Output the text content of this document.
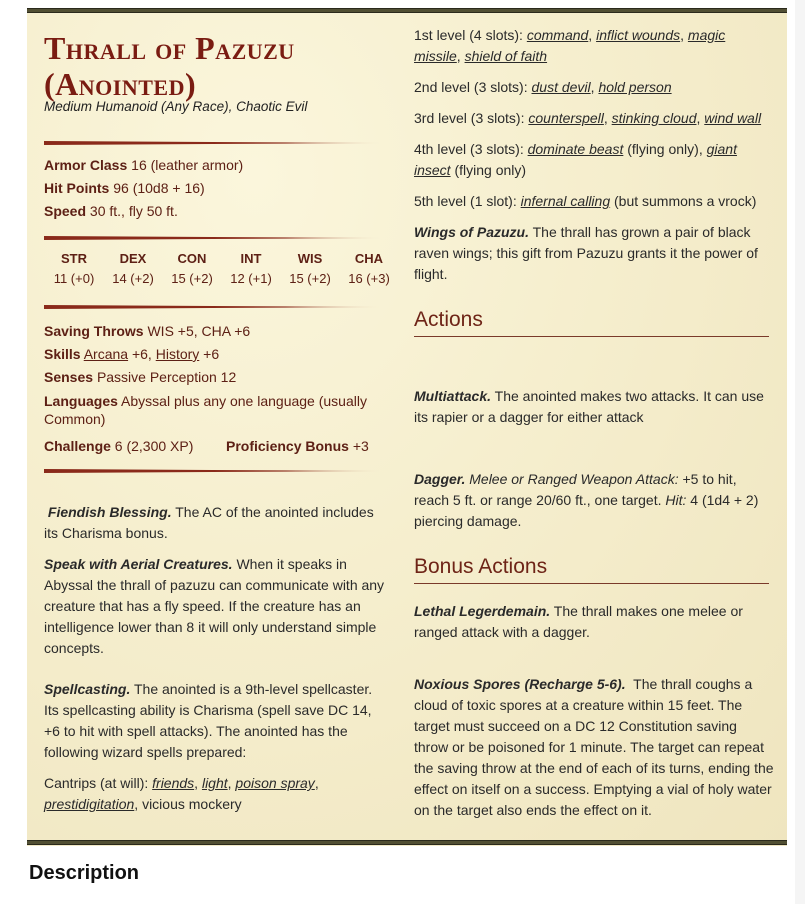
Thrall of Pazuzu
(Anointed)
Medium Humanoid (Any Race), Chaotic Evil
Armor Class 16 (leather armor)
Hit Points 96 (10d8 + 16)
Speed 30 ft., fly 50 ft.
STR
11 (+0)
DEX
14 (+2)
CON
15 (+2)
INT
12 (+1)
WIS
15 (+2)
CHA
16 (+3)
Saving Throws WIS +5, CHA +6
Skills Arcana +6, History +6
Senses Passive Perception 12
Languages Abyssal plus any one language (usually
Common)
Challenge 6 (2,300 XP) Proficiency Bonus +3
Fiendish Blessing. The AC of the anointed includes its Charisma bonus.
Speak with Aerial Creatures. When it speaks in Abyssal the thrall of pazuzu can communicate with any creature that has a fly speed. If the creature has an intelligence lower than 8 it will only understand simple concepts.
Spellcasting. The anointed is a 9th-level spellcaster. Its spellcasting ability is Charisma (spell save DC 14, +6 to hit with spell attacks). The anointed has the following wizard spells prepared:
Cantrips (at will): friends, light, poison spray, prestidigitation, vicious mockery
1st level (4 slots): command, inflict wounds, magic missile, shield of faith
2nd level (3 slots): dust devil, hold person
3rd level (3 slots): counterspell, stinking cloud, wind wall
4th level (3 slots): dominate beast (flying only), giant insect (flying only)
5th level (1 slot): infernal calling (but summons a vrock)
Wings of Pazuzu. The thrall has grown a pair of black raven wings; this gift from Pazuzu grants it the power of flight.
Actions
Multiattack. The anointed makes two attacks. It can use its rapier or a dagger for either attack
Dagger. Melee or Ranged Weapon Attack: +5 to hit, reach 5 ft. or range 20/60 ft., one target. Hit: 4 (1d4 + 2) piercing damage.
Bonus Actions
Lethal Legerdemain. The thrall makes one melee or ranged attack with a dagger.
Noxious Spores (Recharge 5-6). The thrall coughs a cloud of toxic spores at a creature within 15 feet. The target must succeed on a DC 12 Constitution saving throw or be poisoned for 1 minute. The target can repeat the saving throw at the end of each of its turns, ending the effect on itself on a success. Emptying a vial of holy water on the target also ends the effect on it.
Description
